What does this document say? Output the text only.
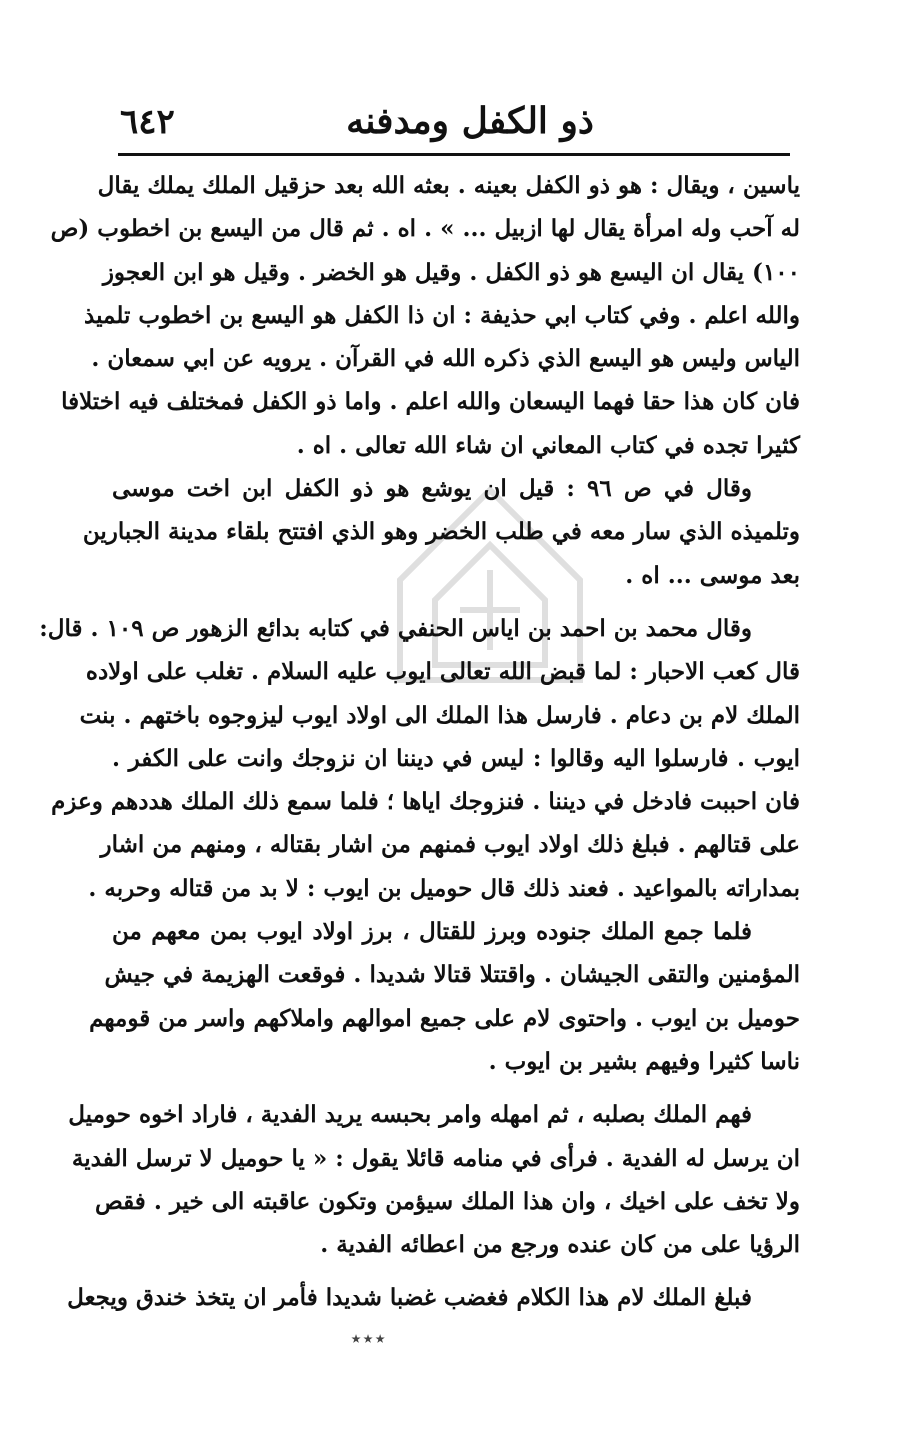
٦٤٢	ذو الكفل ومدفنه
ياسين ، ويقال : هو ذو الكفل بعينه . بعثه الله بعد حزقيل الملك يملك يقال
له آحب وله امرأة يقال لها ازبيل ... » . اه . ثم قال من اليسع بن اخطوب (ص
١٠٠) يقال ان اليسع هو ذو الكفل . وقيل هو الخضر . وقيل هو ابن العجوز
والله اعلم . وفي كتاب ابي حذيفة : ان ذا الكفل هو اليسع بن اخطوب تلميذ
الياس وليس هو اليسع الذي ذكره الله في القرآن . يرويه عن ابي سمعان .
فان كان هذا حقا فهما اليسعان والله اعلم . واما ذو الكفل فمختلف فيه اختلافا
كثيرا تجده في كتاب المعاني ان شاء الله تعالى . اه .
وقال في ص ٩٦ : قيل ان يوشع هو ذو الكفل ابن اخت موسى
وتلميذه الذي سار معه في طلب الخضر وهو الذي افتتح بلقاء مدينة الجبارين
بعد موسى ... اه .
وقال محمد بن احمد بن اياس الحنفي في كتابه بدائع الزهور ص ١٠٩ . قال:
قال كعب الاحبار : لما قبض الله تعالى ايوب عليه السلام . تغلب على اولاده
الملك لام بن دعام . فارسل هذا الملك الى اولاد ايوب ليزوجوه باختهم . بنت
ايوب . فارسلوا اليه وقالوا : ليس في ديننا ان نزوجك وانت على الكفر .
فان احببت فادخل في ديننا . فنزوجك اياها ؛ فلما سمع ذلك الملك هددهم وعزم
على قتالهم . فبلغ ذلك اولاد ايوب فمنهم من اشار بقتاله ، ومنهم من اشار
بمداراته بالمواعيد . فعند ذلك قال حوميل بن ايوب : لا بد من قتاله وحربه .
فلما جمع الملك جنوده وبرز للقتال ، برز اولاد ايوب بمن معهم من
المؤمنين والتقى الجيشان . واقتتلا قتالا شديدا . فوقعت الهزيمة في جيش
حوميل بن ايوب . واحتوى لام على جميع اموالهم واملاكهم واسر من قومهم
ناسا كثيرا وفيهم بشير بن ايوب .
فهم الملك بصلبه ، ثم امهله وامر بحبسه يريد الفدية ، فاراد اخوه حوميل
ان يرسل له الفدية . فرأى في منامه قائلا يقول : « يا حوميل لا ترسل الفدية
ولا تخف على اخيك ، وان هذا الملك سيؤمن وتكون عاقبته الى خير . فقص
الرؤيا على من كان عنده ورجع من اعطائه الفدية .
فبلغ الملك لام هذا الكلام فغضب غضبا شديدا فأمر ان يتخذ خندق ويجعل
٭٭٭
